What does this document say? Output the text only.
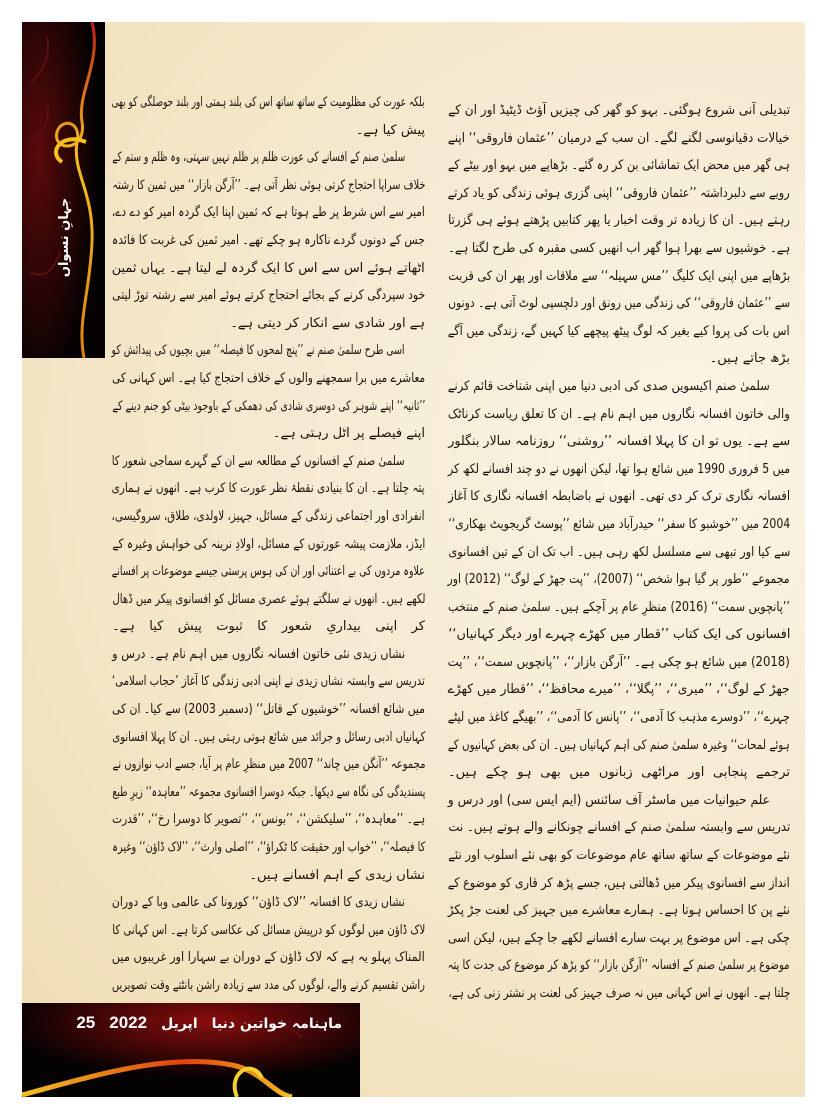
جہانِ نسواں
تبدیلی آنی شروع ہوگئی۔ بہو کو گھر کی چیزیں آؤٹ ڈیٹیڈ اور ان کے
خیالات دقیانوسی لگنے لگے۔ ان سب کے درمیان ’’عثمان فاروقی‘‘ اپنے
ہی گھر میں محض ایک تماشائی بن کر رہ گئے۔ بڑھاپے میں بہو اور بیٹے کے
رویے سے دلبرداشتہ ’’عثمان فاروقی‘‘ اپنی گزری ہوئی زندگی کو یاد کرتے
رہتے ہیں۔ ان کا زیادہ تر وقت اخبار یا پھر کتابیں پڑھتے ہوئے ہی گزرتا
ہے۔ خوشیوں سے بھرا ہوا گھر اب انھیں کسی مقبرہ کی طرح لگتا ہے۔
بڑھاپے میں اپنی ایک کلیگ ’’مس سہیلہ‘‘ سے ملاقات اور پھر ان کی قربت
سے ’’عثمان فاروقی‘‘ کی زندگی میں رونق اور دلچسپی لوٹ آتی ہے۔ دونوں
اس بات کی پروا کیے بغیر کہ لوگ پیٹھ پیچھے کیا کہیں گے، زندگی میں آگے
بڑھ جاتے ہیں۔
سلمیٰ صنم اکیسویں صدی کی ادبی دنیا میں اپنی شناخت قائم کرنے
والی خاتون افسانہ نگاروں میں اہم نام ہے۔ ان کا تعلق ریاست کرناٹک
سے ہے۔ یوں تو ان کا پہلا افسانہ ’’روشنی‘‘ روزنامہ سالار بنگلور
میں 5 فروری 1990 میں شائع ہوا تھا، لیکن انھوں نے دو چند افسانے لکھ کر
افسانہ نگاری ترک کر دی تھی۔ انھوں نے باضابطہ افسانہ نگاری کا آغاز
2004 میں ’’خوشبو کا سفر‘‘ حیدرآباد میں شائع ’’پوسٹ گریجویٹ بھکاری‘‘
سے کیا اور تبھی سے مسلسل لکھ رہی ہیں۔ اب تک ان کے تین افسانوی
مجموعے ’’طور پر گیا ہوا شخص‘‘ (2007)، ’’پت جھڑ کے لوگ‘‘ (2012) اور
’’پانچویں سمت‘‘ (2016) منظرِ عام پر آچکے ہیں۔ سلمیٰ صنم کے منتخب
افسانوں کی ایک کتاب ’’قطار میں کھڑے چہرے اور دیگر کہانیاں‘‘
(2018) میں شائع ہو چکی ہے۔ ’’آرگن بازار‘‘، ’’پانچویں سمت‘‘، ’’پت
جھڑ کے لوگ‘‘، ’’میری‘‘، ’’پگلا‘‘، ’’میرے محافظ‘‘، ’’قطار میں کھڑے
چہرے‘‘، ’’دوسرے مذہب کا آدمی‘‘، ’’پانس کا آدمی‘‘، ’’بھیگے کاغذ میں لپٹے
ہوئے لمحات‘‘ وغیرہ سلمیٰ صنم کی اہم کہانیاں ہیں۔ ان کی بعض کہانیوں کے
ترجمے پنجابی اور مراٹھی زبانوں میں بھی ہو چکے ہیں۔
علم حیوانیات میں ماسٹر آف سائنس (ایم ایس سی) اور درس و
تدریس سے وابستہ سلمیٰ صنم کے افسانے چونکانے والے ہوتے ہیں۔ نت
نئے موضوعات کے ساتھ ساتھ عام موضوعات کو بھی نئے اسلوب اور نئے
انداز سے افسانوی پیکر میں ڈھالتی ہیں، جسے پڑھ کر قاری کو موضوع کے
نئے پن کا احساس ہوتا ہے۔ ہمارے معاشرے میں جہیز کی لعنت جڑ پکڑ
چکی ہے۔ اس موضوع پر بہت سارے افسانے لکھے جا چکے ہیں، لیکن اسی
موضوع پر سلمیٰ صنم کے افسانہ ’’آرگن بازار‘‘ کو پڑھ کر موضوع کی جدت کا پتہ
چلتا ہے۔ انھوں نے اس کہانی میں نہ صرف جہیز کی لعنت پر نشتر زنی کی ہے،
بلکہ عورت کی مظلومیت کے ساتھ ساتھ اس کی بلند ہمتی اور بلند حوصلگی کو بھی
پیش کیا ہے۔
سلمیٰ صنم کے افسانے کی عورت ظلم پر ظلم نہیں سہتی، وہ ظلم و ستم کے
خلاف سراپا احتجاج کرتی ہوئی نظر آتی ہے۔ ’’آرگن بازار‘‘ میں ثمین کا رشتہ
امیر سے اس شرط پر طے ہوتا ہے کہ ثمین اپنا ایک گردہ امیر کو دے دے،
جس کے دونوں گردے ناکارہ ہو چکے تھے۔ امیر ثمین کی غربت کا فائدہ
اٹھاتے ہوئے اس سے اس کا ایک گردہ لے لیتا ہے۔ یہاں ثمین
خود سپردگی کرنے کے بجائے احتجاج کرتے ہوئے امیر سے رشتہ توڑ لیتی
ہے اور شادی سے انکار کر دیتی ہے۔
اسی طرح سلمیٰ صنم نے ’’پنچ لمحوں کا فیصلہ‘‘ میں بچیوں کی پیدائش کو
معاشرے میں برا سمجھنے والوں کے خلاف احتجاج کیا ہے۔ اس کہانی کی
’’ثانیہ‘‘ اپنے شوہر کی دوسری شادی کی دھمکی کے باوجود بیٹی کو جنم دینے کے
اپنے فیصلے پر اٹل رہتی ہے۔
سلمیٰ صنم کے افسانوں کے مطالعہ سے ان کے گہرے سماجی شعور کا
پتہ چلتا ہے۔ ان کا بنیادی نقطۂ نظر عورت کا کرب ہے۔ انھوں نے ہماری
انفرادی اور اجتماعی زندگی کے مسائل، جہیز، لاولدی، طلاق، سروگیسی،
ایڈز، ملازمت پیشہ عورتوں کے مسائل، اولادِ نرینہ کی خواہش وغیرہ کے
علاوہ مردوں کی بے اعتنائی اور ان کی ہوس پرستی جیسے موضوعات پر افسانے
لکھے ہیں۔ انھوں نے سلگتے ہوئے عصری مسائل کو افسانوی پیکر میں ڈھال
کر اپنی بیداریِ شعور کا ثبوت پیش کیا ہے۔
نشاں زیدی نئی خاتون افسانہ نگاروں میں اہم نام ہے۔ درس و
تدریس سے وابستہ نشاں زیدی نے اپنی ادبی زندگی کا آغاز ’حجاب اسلامی‘
میں شائع افسانہ ’’خوشیوں کے قاتل‘‘ (دسمبر 2003) سے کیا۔ ان کی
کہانیاں ادبی رسائل و جرائد میں شائع ہوتی رہتی ہیں۔ ان کا پہلا افسانوی
مجموعہ ’’آنگن میں چاند‘‘ 2007 میں منظرِ عام پر آیا، جسے ادب نوازوں نے
پسندیدگی کی نگاہ سے دیکھا۔ جبکہ دوسرا افسانوی مجموعہ ’’معاہدہ‘‘ زیرِ طبع
ہے۔ ’’معاہدہ‘‘، ’’سلیکشن‘‘، ’’بونس‘‘، ’’تصویر کا دوسرا رخ‘‘، ’’قدرت
کا فیصلہ‘‘، ’’خواب اور حقیقت کا ٹکراؤ‘‘، ’’اصلی وارث‘‘، ’’لاک ڈاؤن‘‘ وغیرہ
نشاں زیدی کے اہم افسانے ہیں۔
نشاں زیدی کا افسانہ ’’لاک ڈاؤن‘‘ کورونا کی عالمی وبا کے دوران
لاک ڈاؤن میں لوگوں کو درپیش مسائل کی عکاسی کرتا ہے۔ اس کہانی کا
المناک پہلو یہ ہے کہ لاک ڈاؤن کے دوران بے سہارا اور غریبوں میں
راشن تقسیم کرنے والے، لوگوں کی مدد سے زیادہ راشن بانٹتے وقت تصویریں
ماہنامہ خواتین دنیا
اپریل
2022
25
